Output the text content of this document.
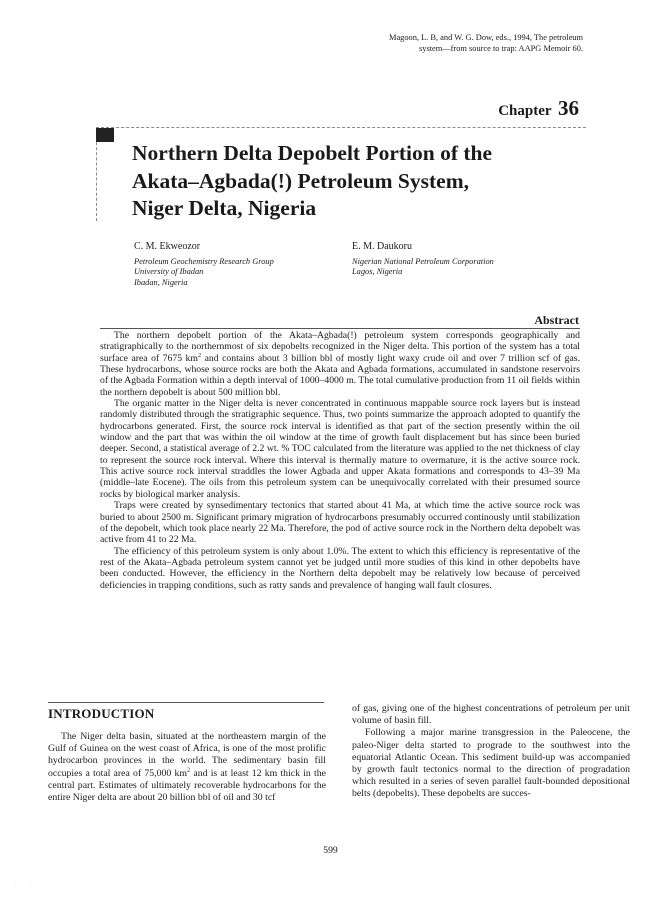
Magoon, L. B, and W. G. Dow, eds., 1994, The petroleum
system—from source to trap: AAPG Memoir 60.
Chapter 36
Northern Delta Depobelt Portion of the
Akata–Agbada(!) Petroleum System,
Niger Delta, Nigeria
C. M. Ekweozor
Petroleum Geochemistry Research Group
University of Ibadan
Ibadan, Nigeria
E. M. Daukoru
Nigerian National Petroleum Corporation
Lagos, Nigeria
Abstract

The northern depobelt portion of the Akata–Agbada(!) petroleum system corresponds geographically and stratigraphically to the northernmost of six depobelts recognized in the Niger delta. This portion of the system has a total surface area of 7675 $km^2$ and contains about 3 billion bbl of mostly light waxy crude oil and over 7 trillion scf of gas. These hydrocarbons, whose source rocks are both the Akata and Agbada formations, accumulated in sandstone reservoirs of the Agbada Formation within a depth interval of 1000–4000 m. The total cumulative production from 11 oil fields within the northern depobelt is about 500 million bbl.

The organic matter in the Niger delta is never concentrated in continuous mappable source rock layers but is instead randomly distributed through the stratigraphic sequence. Thus, two points summarize the approach adopted to quantify the hydrocarbons generated. First, the source rock interval is identified as that part of the section presently within the oil window and the part that was within the oil window at the time of growth fault displacement but has since been buried deeper. Second, a statistical average of 2.2 wt. % TOC calculated from the literature was applied to the net thickness of clay to represent the source rock interval. Where this interval is thermally mature to overmature, it is the active source rock. This active source rock interval straddles the lower Agbada and upper Akata formations and corresponds to 43–39 Ma (middle–late Eocene). The oils from this petroleum system can be unequivocally correlated with their presumed source rocks by biological marker analysis.

Traps were created by synsedimentary tectonics that started about 41 Ma, at which time the active source rock was buried to about 2500 m. Significant primary migration of hydrocarbons presumably occurred continously until stabilization of the depobelt, which took place nearly 22 Ma. Therefore, the pod of active source rock in the Northern delta depobelt was active from 41 to 22 Ma.

The efficiency of this petroleum system is only about 1.0%. The extent to which this efficiency is representative of the rest of the Akata–Agbada petroleum system cannot yet be judged until more studies of this kind in other depobelts have been conducted. However, the efficiency in the Northern delta depobelt may be relatively low because of perceived deficiencies in trapping conditions, such as ratty sands and prevalence of hanging wall fault closures.

INTRODUCTION

The Niger delta basin, situated at the northeastern margin of the Gulf of Guinea on the west coast of Africa, is one of the most prolific hydrocarbon provinces in the world. The sedimentary basin fill occupies a total area of 75,000 $km^2$ and is at least 12 km thick in the central part. Estimates of ultimately recoverable hydrocarbons for the entire Niger delta are about 20 billion bbl of oil and 30 tcf

of gas, giving one of the highest concentrations of petroleum per unit volume of basin fill.

Following a major marine transgression in the Paleocene, the paleo-Niger delta started to prograde to the southwest into the equatorial Atlantic Ocean. This sediment build-up was accompanied by growth fault tectonics normal to the direction of progradation which resulted in a series of seven parallel fault-bounded depositional belts (depobelts). These depobelts are succes-

599
· ·
